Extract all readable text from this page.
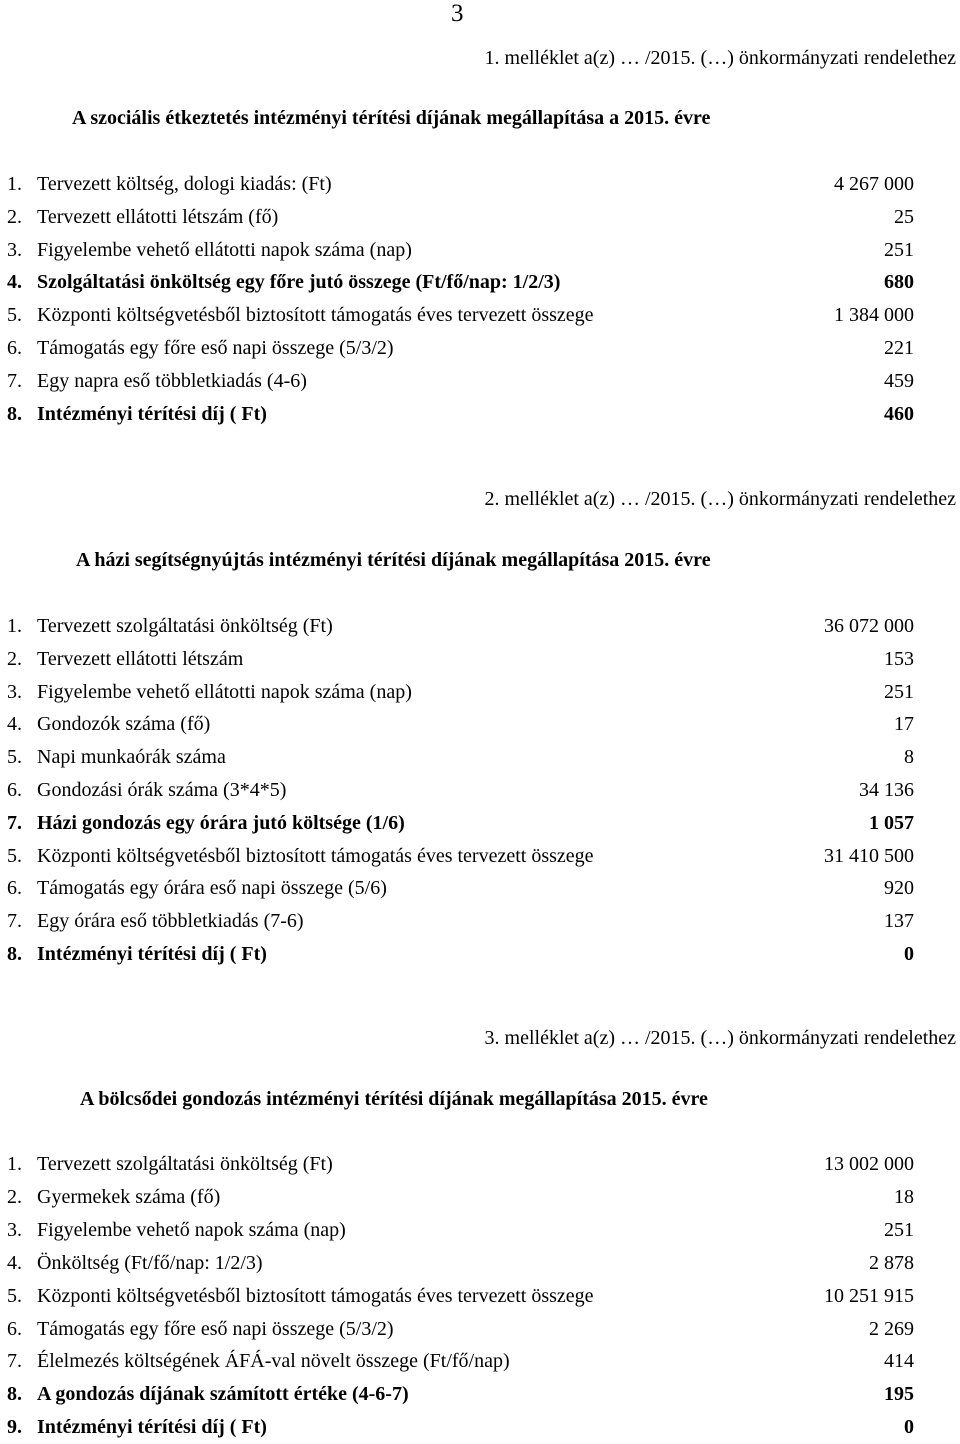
3
1. melléklet a(z) … /2015. (…) önkormányzati rendelethez
A szociális étkeztetés intézményi térítési díjának megállapítása a 2015. évre
1. Tervezett költség, dologi kiadás: (Ft)	4 267 000
2. Tervezett ellátotti létszám (fő)	25
3. Figyelembe vehető ellátotti napok száma (nap)	251
4. Szolgáltatási önköltség egy főre jutó összege (Ft/fő/nap: 1/2/3)	680
5. Központi költségvetésből biztosított támogatás éves tervezett összege	1 384 000
6. Támogatás egy főre eső napi összege (5/3/2)	221
7. Egy napra eső többletkiadás (4-6)	459
8. Intézményi térítési díj ( Ft)	460
2. melléklet a(z) … /2015. (…) önkormányzati rendelethez
A házi segítségnyújtás intézményi térítési díjának megállapítása 2015. évre
1. Tervezett szolgáltatási önköltség (Ft)	36 072 000
2. Tervezett ellátotti létszám	153
3. Figyelembe vehető ellátotti napok száma (nap)	251
4. Gondozók száma (fő)	17
5. Napi munkaórák száma	8
6. Gondozási órák száma (3*4*5)	34 136
7. Házi gondozás egy órára jutó költsége (1/6)	1 057
5. Központi költségvetésből biztosított támogatás éves tervezett összege	31 410 500
6. Támogatás egy órára eső napi összege (5/6)	920
7. Egy órára eső többletkiadás (7-6)	137
8. Intézményi térítési díj ( Ft)	0
3. melléklet a(z) … /2015. (…) önkormányzati rendelethez
A bölcsődei gondozás intézményi térítési díjának megállapítása 2015. évre
1. Tervezett szolgáltatási önköltség (Ft)	13 002 000
2. Gyermekek száma (fő)	18
3. Figyelembe vehető napok száma (nap)	251
4. Önköltség (Ft/fő/nap: 1/2/3)	2 878
5. Központi költségvetésből biztosított támogatás éves tervezett összege	10 251 915
6. Támogatás egy főre eső napi összege (5/3/2)	2 269
7. Élelmezés költségének ÁFÁ-val növelt összege (Ft/fő/nap)	414
8. A gondozás díjának számított értéke (4-6-7)	195
9. Intézményi térítési díj ( Ft)	0
